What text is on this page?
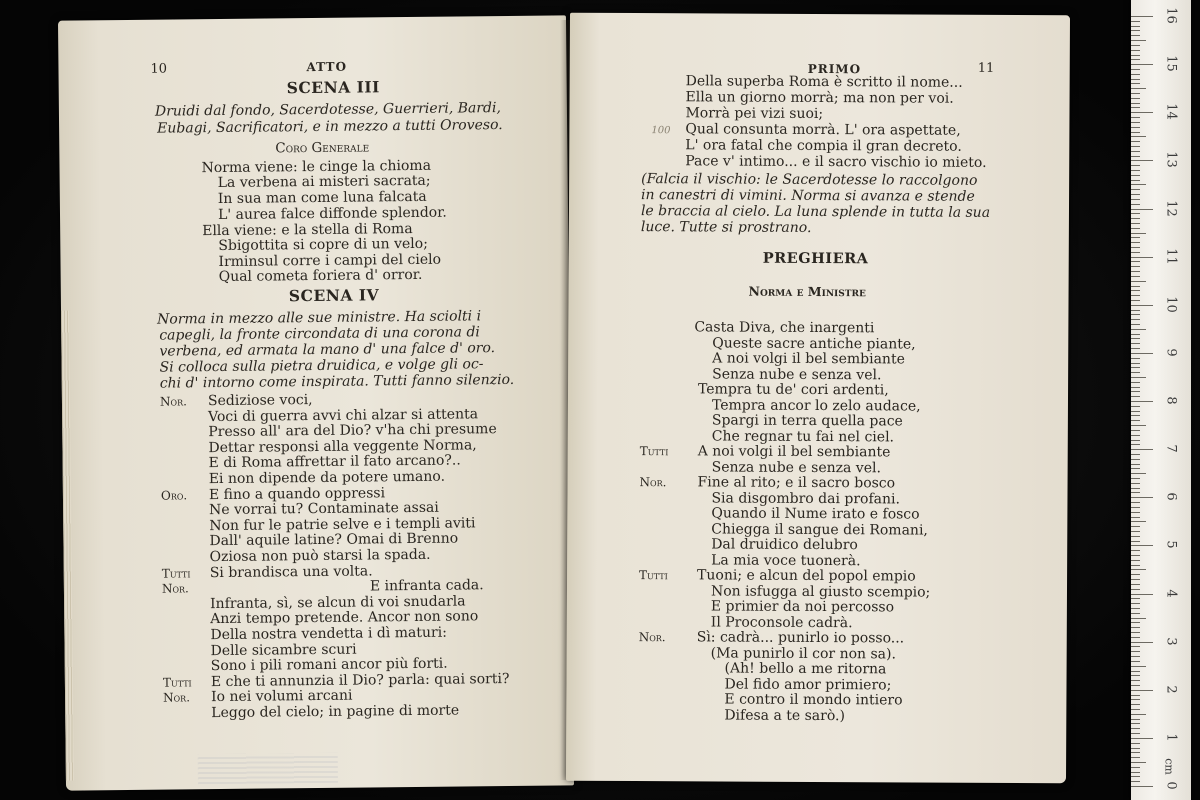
10	ATTO
SCENA III
Druidi dal fondo, Sacerdotesse, Guerrieri, Bardi,
Eubagi, Sacrificatori, e in mezzo a tutti Oroveso.
Coro Generale
Norma viene: le cinge la chioma
La verbena ai misteri sacrata;
In sua man come luna falcata
L' aurea falce diffonde splendor.
Ella viene: e la stella di Roma
Sbigottita si copre di un velo;
Irminsul corre i campi del cielo
Qual cometa foriera d' orror.
SCENA IV
Norma in mezzo alle sue ministre. Ha sciolti i
capegli, la fronte circondata di una corona di
verbena, ed armata la mano d' una falce d' oro.
Si colloca sulla pietra druidica, e volge gli oc-
chi d' intorno come inspirata. Tutti fanno silenzio.
Nor. Sediziose voci,
Voci di guerra avvi chi alzar si attenta
Presso all' ara del Dio? v'ha chi presume
Dettar responsi alla veggente Norma,
E di Roma affrettar il fato arcano?..
Ei non dipende da potere umano.
Oro. E fino a quando oppressi
Ne vorrai tu? Contaminate assai
Non fur le patrie selve e i templi aviti
Dall' aquile latine? Omai di Brenno
Oziosa non può starsi la spada.
Tutti Si brandisca una volta.
Nor.	E infranta cada.
Infranta, sì, se alcun di voi snudarla
Anzi tempo pretende. Ancor non sono
Della nostra vendetta i dì maturi:
Delle sicambre scuri
Sono i pili romani ancor più forti.
Tutti E che ti annunzia il Dio? parla: quai sorti?
Nor. Io nei volumi arcani
Leggo del cielo; in pagine di morte
PRIMO	11
Della superba Roma è scritto il nome...
Ella un giorno morrà; ma non per voi.
Morrà pei vizi suoi;
100 Qual consunta morrà. L' ora aspettate,
L' ora fatal che compia il gran decreto.
Pace v' intimo... e il sacro vischio io mieto.
(Falcia il vischio: le Sacerdotesse lo raccolgono
in canestri di vimini. Norma si avanza e stende
le braccia al cielo. La luna splende in tutta la sua
luce. Tutte si prostrano.
PREGHIERA
Norma e Ministre
Casta Diva, che inargenti
Queste sacre antiche piante,
A noi volgi il bel sembiante
Senza nube e senza vel.
Tempra tu de' cori ardenti,
Tempra ancor lo zelo audace,
Spargi in terra quella pace
Che regnar tu fai nel ciel.
Tutti A noi volgi il bel sembiante
Senza nube e senza vel.
Nor. Fine al rito; e il sacro bosco
Sia disgombro dai profani.
Quando il Nume irato e fosco
Chiegga il sangue dei Romani,
Dal druidico delubro
La mia voce tuonerà.
Tutti Tuoni; e alcun del popol empio
Non isfugga al giusto scempio;
E primier da noi percosso
Il Proconsole cadrà.
Nor. Sì: cadrà... punirlo io posso...
(Ma punirlo il cor non sa).
(Ah! bello a me ritorna
Del fido amor primiero;
E contro il mondo intiero
Difesa a te sarò.)
16
15
14
13
12
11
10
9
8
7
6
5
4
3
2
1
0
cm
